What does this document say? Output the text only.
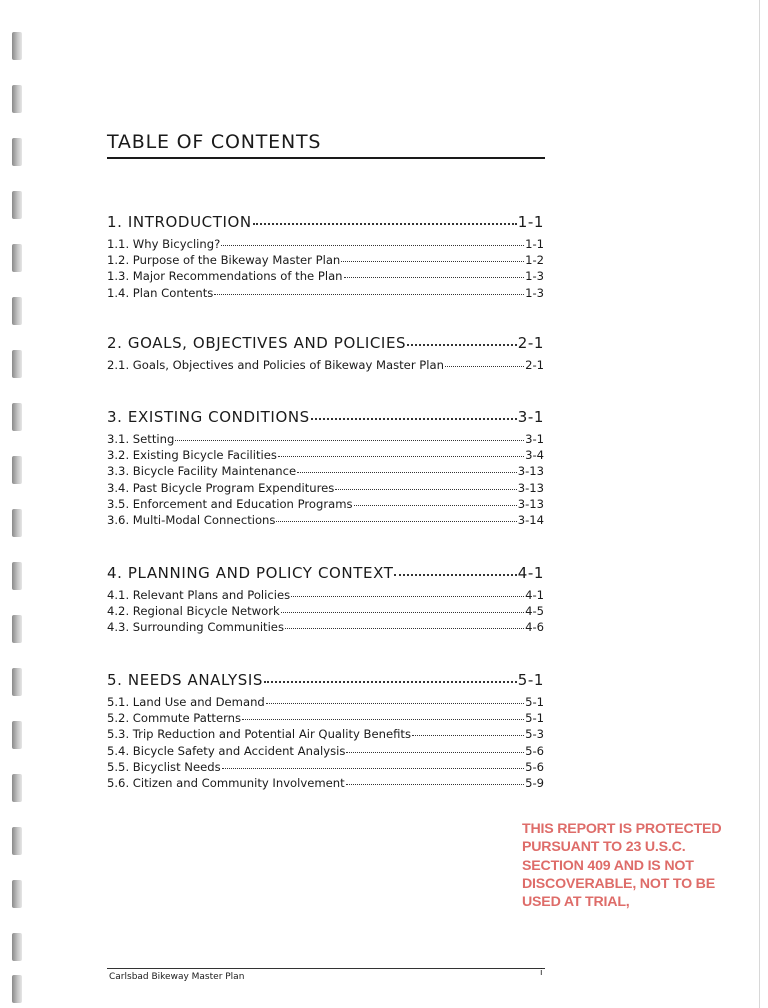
TABLE OF CONTENTS
1. INTRODUCTION	1-1
1.1. Why Bicycling?	1-1
1.2. Purpose of the Bikeway Master Plan	1-2
1.3. Major Recommendations of the Plan	1-3
1.4. Plan Contents	1-3
2. GOALS, OBJECTIVES AND POLICIES	2-1
2.1. Goals, Objectives and Policies of Bikeway Master Plan	2-1
3. EXISTING CONDITIONS	3-1
3.1. Setting	3-1
3.2. Existing Bicycle Facilities	3-4
3.3. Bicycle Facility Maintenance	3-13
3.4. Past Bicycle Program Expenditures	3-13
3.5. Enforcement and Education Programs	3-13
3.6. Multi-Modal Connections	3-14
4. PLANNING AND POLICY CONTEXT	4-1
4.1. Relevant Plans and Policies	4-1
4.2. Regional Bicycle Network	4-5
4.3. Surrounding Communities	4-6
5. NEEDS ANALYSIS	5-1
5.1. Land Use and Demand	5-1
5.2. Commute Patterns	5-1
5.3. Trip Reduction and Potential Air Quality Benefits	5-3
5.4. Bicycle Safety and Accident Analysis	5-6
5.5. Bicyclist Needs	5-6
5.6. Citizen and Community Involvement	5-9
THIS REPORT IS PROTECTED
PURSUANT TO 23 U.S.C.
SECTION 409 AND IS NOT
DISCOVERABLE, NOT TO BE
USED AT TRIAL,
Carlsbad Bikeway Master Plan	i
